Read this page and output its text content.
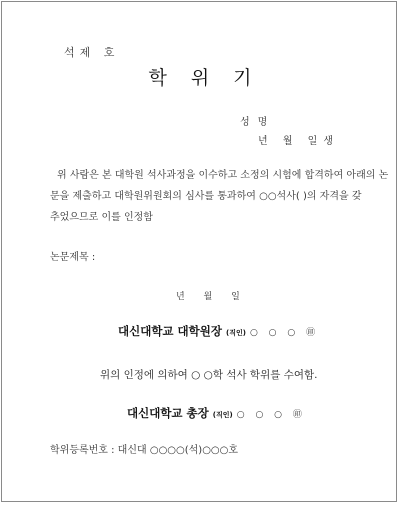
석제 호
학위기
성명
년 월 일생
위 사람은 본 대학원 석사과정을 이수하고 소정의 시험에 합격하여 아래의 논
문을 제출하고 대학원위원회의 심사를 통과하여 ○○석사( )의 자격을 갖
추었으므로 이를 인정함
논문제목 :
년 월 일
대신대학교 대학원장 (직인) ○ ○ ○ ㊞
위의 인정에 의하여 ○ ○학 석사 학위를 수여함.
대신대학교 총장 (직인) ○ ○ ○ ㊞
학위등록번호 : 대신대 ○○○○(석)○○○호
